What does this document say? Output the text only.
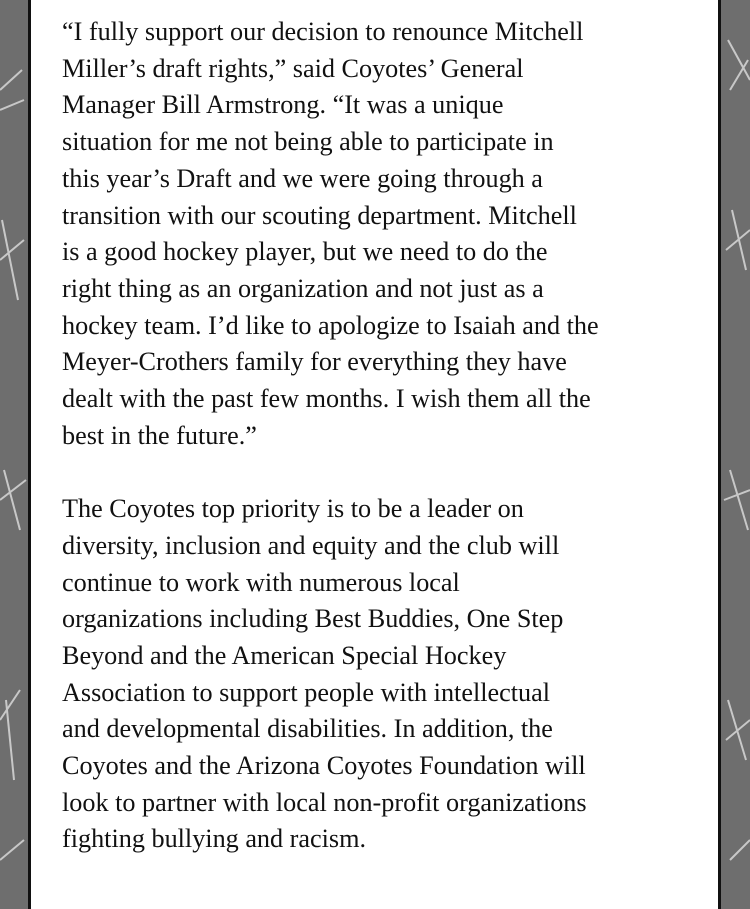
“I fully support our decision to renounce Mitchell
Miller’s draft rights,” said Coyotes’ General
Manager Bill Armstrong. “It was a unique
situation for me not being able to participate in
this year’s Draft and we were going through a
transition with our scouting department. Mitchell
is a good hockey player, but we need to do the
right thing as an organization and not just as a
hockey team. I’d like to apologize to Isaiah and the
Meyer-Crothers family for everything they have
dealt with the past few months. I wish them all the
best in the future.”

The Coyotes top priority is to be a leader on
diversity, inclusion and equity and the club will
continue to work with numerous local
organizations including Best Buddies, One Step
Beyond and the American Special Hockey
Association to support people with intellectual
and developmental disabilities. In addition, the
Coyotes and the Arizona Coyotes Foundation will
look to partner with local non-profit organizations
fighting bullying and racism.
